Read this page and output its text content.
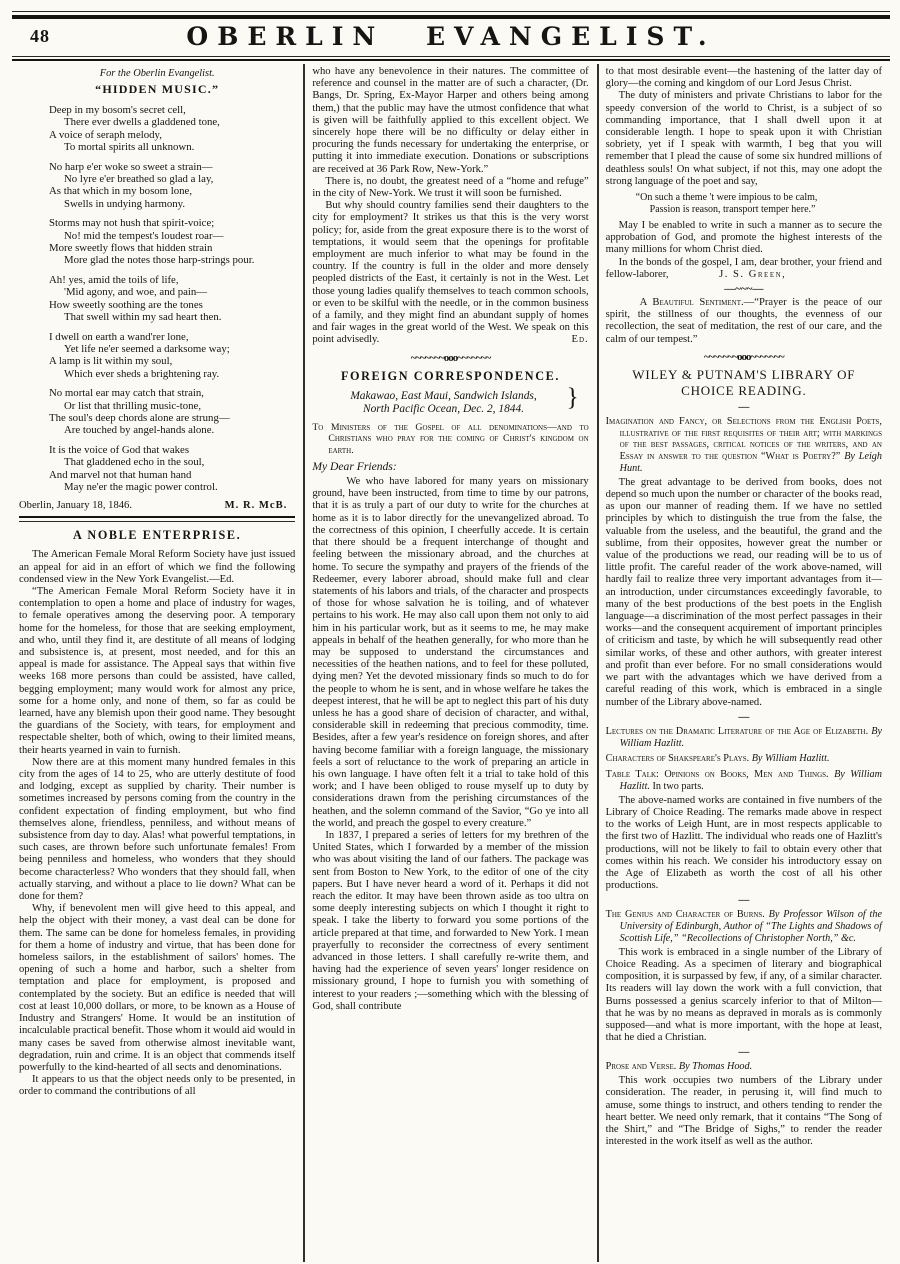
48	OBERLIN EVANGELIST.
For the Oberlin Evangelist.
“HIDDEN MUSIC.”
Deep in my bosom's secret cell,
There ever dwells a gladdened tone,
A voice of seraph melody,
To mortal spirits all unknown.
No harp e'er woke so sweet a strain—
No lyre e'er breathed so glad a lay,
As that which in my bosom lone,
Swells in undying harmony.
Storms may not hush that spirit-voice;
No! mid the tempest's loudest roar—
More sweetly flows that hidden strain
More glad the notes those harp-strings pour.
Ah! yes, amid the toils of life,
'Mid agony, and woe, and pain—
How sweetly soothing are the tones
That swell within my sad heart then.
I dwell on earth a wand'rer lone,
Yet life ne'er seemed a darksome way;
A lamp is lit within my soul,
Which ever sheds a brightening ray.
No mortal ear may catch that strain,
Or list that thrilling music-tone,
The soul's deep chords alone are strung—
Are touched by angel-hands alone.
It is the voice of God that wakes
That gladdened echo in the soul,
And marvel not that human hand
May ne'er the magic power control.
Oberlin, January 18, 1846.	M. R. McB.
A NOBLE ENTERPRISE.

The American Female Moral Reform Society have just issued an appeal for aid in an effort of which we find the following condensed view in the New York Evangelist.—Ed.

“The American Female Moral Reform Society have it in contemplation to open a home and place of industry for wages, to female operatives among the deserving poor. A temporary home for the homeless, for those that are seeking employment, and who, until they find it, are destitute of all means of lodging and subsistence is, at present, most needed, and for this an appeal is made for assistance. The Appeal says that within five weeks 168 more persons than could be assisted, have called, begging employment; many would work for almost any price, some for a home only, and none of them, so far as could be learned, have any blemish upon their good name. They besought the guardians of the Society, with tears, for employment and respectable shelter, both of which, owing to their limited means, their hearts yearned in vain to furnish.

Now there are at this moment many hundred females in this city from the ages of 14 to 25, who are utterly destitute of food and lodging, except as supplied by charity. Their number is sometimes increased by persons coming from the country in the confident expectation of finding employment, but who find themselves alone, friendless, penniless, and without means of subsistence from day to day. Alas! what powerful temptations, in such cases, are thrown before such unfortunate females! From being penniless and homeless, who wonders that they should become characterless? Who wonders that they should fall, when actually starving, and without a place to lie down? What can be done for them?

Why, if benevolent men will give heed to this appeal, and help the object with their money, a vast deal can be done for them. The same can be done for homeless females, in providing for them a home of industry and virtue, that has been done for homeless sailors, in the establishment of sailors' homes. The opening of such a home and harbor, such a shelter from temptation and place for employment, is proposed and contemplated by the society. But an edifice is needed that will cost at least 10,000 dollars, or more, to be known as a House of Industry and Strangers' Home. It would be an institution of incalculable practical benefit. Those whom it would aid would in many cases be saved from otherwise almost inevitable want, degradation, ruin and crime. It is an object that commends itself powerfully to the kind-hearted of all sects and denominations.

It appears to us that the object needs only to be presented, in order to command the contributions of all

who have any benevolence in their natures. The committee of reference and counsel in the matter are of such a character, (Dr. Bangs, Dr. Spring, Ex-Mayor Harper and others being among them,) that the public may have the utmost confidence that what is given will be faithfully applied to this excellent object. We sincerely hope there will be no difficulty or delay either in procuring the funds necessary for undertaking the enterprise, or putting it into immediate execution. Donations or subscriptions are received at 36 Park Row, New-York.”

There is, no doubt, the greatest need of a “home and refuge” in the city of New-York. We trust it will soon be furnished.

But why should country families send their daughters to the city for employment? It strikes us that this is the very worst policy; for, aside from the great exposure there is to the worst of temptations, it would seem that the openings for profitable employment are much inferior to what may be found in the country. If the country is full in the older and more densely peopled districts of the East, it certainly is not in the West. Let those young ladies qualify themselves to teach common schools, or even to be skilful with the needle, or in the common business of a family, and they might find an abundant supply of homes and fair wages in the great world of the West. We speak on this point advisedly.	Ed.

~~~~~~~ooo~~~~~~~
FOREIGN CORRESPONDENCE.
Makawao, East Maui, Sandwich Islands,
North Pacific Ocean, Dec. 2, 1844.	}
To Ministers of the Gospel of all denominations—and to Christians who pray for the coming of Christ's kingdom on earth.
My Dear Friends:

We who have labored for many years on missionary ground, have been instructed, from time to time by our patrons, that it is as truly a part of our duty to write for the churches at home as it is to labor directly for the unevangelized abroad. To the correctness of this opinion, I cheerfully accede. It is certain that there should be a frequent interchange of thought and feeling between the missionary abroad, and the churches at home. To secure the sympathy and prayers of the friends of the Redeemer, every laborer abroad, should make full and clear statements of his labors and trials, of the character and prospects of those for whose salvation he is toiling, and of whatever pertains to his work. He may also call upon them not only to aid him in his particular work, but as it seems to me, he may make appeals in behalf of the heathen generally, for who more than he may be supposed to understand the circumstances and necessities of the heathen nations, and to feel for these polluted, dying men? Yet the devoted missionary finds so much to do for the people to whom he is sent, and in whose welfare he takes the deepest interest, that he will be apt to neglect this part of his duty unless he has a good share of decision of character, and withal, considerable skill in redeeming that precious commodity, time. Besides, after a few year's residence on foreign shores, and after having become familiar with a foreign language, the missionary feels a sort of reluctance to the work of preparing an article in his own language. I have often felt it a trial to take hold of this work; and I have been obliged to rouse myself up to duty by considerations drawn from the perishing circumstances of the heathen, and the solemn command of the Savior, “Go ye into all the world, and preach the gospel to every creature.”

In 1837, I prepared a series of letters for my brethren of the United States, which I forwarded by a member of the mission who was about visiting the land of our fathers. The package was sent from Boston to New York, to the editor of one of the city papers. But I have never heard a word of it. Perhaps it did not reach the editor. It may have been thrown aside as too ultra on some deeply interesting subjects on which I thought it right to speak. I take the liberty to forward you some portions of the article prepared at that time, and forwarded to New York. I mean prayerfully to reconsider the correctness of every sentiment advanced in those letters. I shall carefully re-write them, and having had the experience of seven years' longer residence on missionary ground, I hope to furnish you with something of interest to your readers ;—something which with the blessing of God, shall contribute

to that most desirable event—the hastening of the latter day of glory—the coming and kingdom of our Lord Jesus Christ.

The duty of ministers and private Christians to labor for the speedy conversion of the world to Christ, is a subject of so commanding importance, that I shall dwell upon it at considerable length. I hope to speak upon it with Christian sobriety, yet if I speak with warmth, I beg that you will remember that I plead the cause of some six hundred millions of deathless souls! On what subject, if not this, may one adopt the strong language of the poet and say,

“On such a theme 't were impious to be calm,
Passion is reason, transport temper here.”

May I be enabled to write in such a manner as to secure the approbation of God, and promote the highest interests of the many millions for whom Christ died.

In the bonds of the gospel, I am, dear brother, your friend and fellow-laborer,	J. S. Green,

—~~~—

A Beautiful Sentiment.—“Prayer is the peace of our spirit, the stillness of our thoughts, the evenness of our recollection, the seat of meditation, the rest of our care, and the calm of our tempest.”

~~~~~~~ooo~~~~~~~
WILEY & PUTNAM'S LIBRARY OF CHOICE READING.
—

Imagination and Fancy, or Selections from the English Poets, illustrative of the first requisites of their art; with markings of the best passages, critical notices of the writers, and an Essay in answer to the question “What is Poetry?” By Leigh Hunt.

The great advantage to be derived from books, does not depend so much upon the number or character of the books read, as upon our manner of reading them. If we have no settled principles by which to distinguish the true from the false, the valuable from the useless, and the beautiful, the grand and the sublime, from their opposites, however great the number or value of the productions we read, our reading will be to us of little profit. The careful reader of the work above-named, will hardly fail to realize three very important advantages from it—an introduction, under circumstances exceedingly favorable, to many of the best productions of the best poets in the English language—a discrimination of the most perfect passages in their works—and the consequent acquirement of important principles of criticism and taste, by which he will subsequently read other similar works, of these and other authors, with greater interest and profit than ever before. For no small considerations would we part with the advantages which we have derived from a careful reading of this work, which is embraced in a single number of the Library above-named.

—

Lectures on the Dramatic Literature of the Age of Elizabeth. By William Hazlitt.

Characters of Shakspeare's Plays. By William Hazlitt.

Table Talk: Opinions on Books, Men and Things. By William Hazlitt. In two parts.

The above-named works are contained in five numbers of the Library of Choice Reading. The remarks made above in respect to the works of Leigh Hunt, are in most respects applicable to the first two of Hazlitt. The individual who reads one of Hazlitt's productions, will not be likely to fail to obtain every other that comes within his reach. We consider his introductory essay on the Age of Elizabeth as worth the cost of all his other productions.

—

The Genius and Character of Burns. By Professor Wilson of the University of Edinburgh, Author of “The Lights and Shadows of Scottish Life,” “Recollections of Christopher North,” &c.

This work is embraced in a single number of the Library of Choice Reading. As a specimen of literary and biographical composition, it is surpassed by few, if any, of a similar character. Its readers will lay down the work with a full conviction, that Burns possessed a genius scarcely inferior to that of Milton—that he was by no means as depraved in morals as is commonly supposed—and what is more important, with the hope at least, that he died a Christian.

—

Prose and Verse. By Thomas Hood.

This work occupies two numbers of the Library under consideration. The reader, in perusing it, will find much to amuse, some things to instruct, and others tending to render the heart better. We need only remark, that it contains “The Song of the Shirt,” and “The Bridge of Sighs,” to render the reader interested in the work itself as well as the author.
